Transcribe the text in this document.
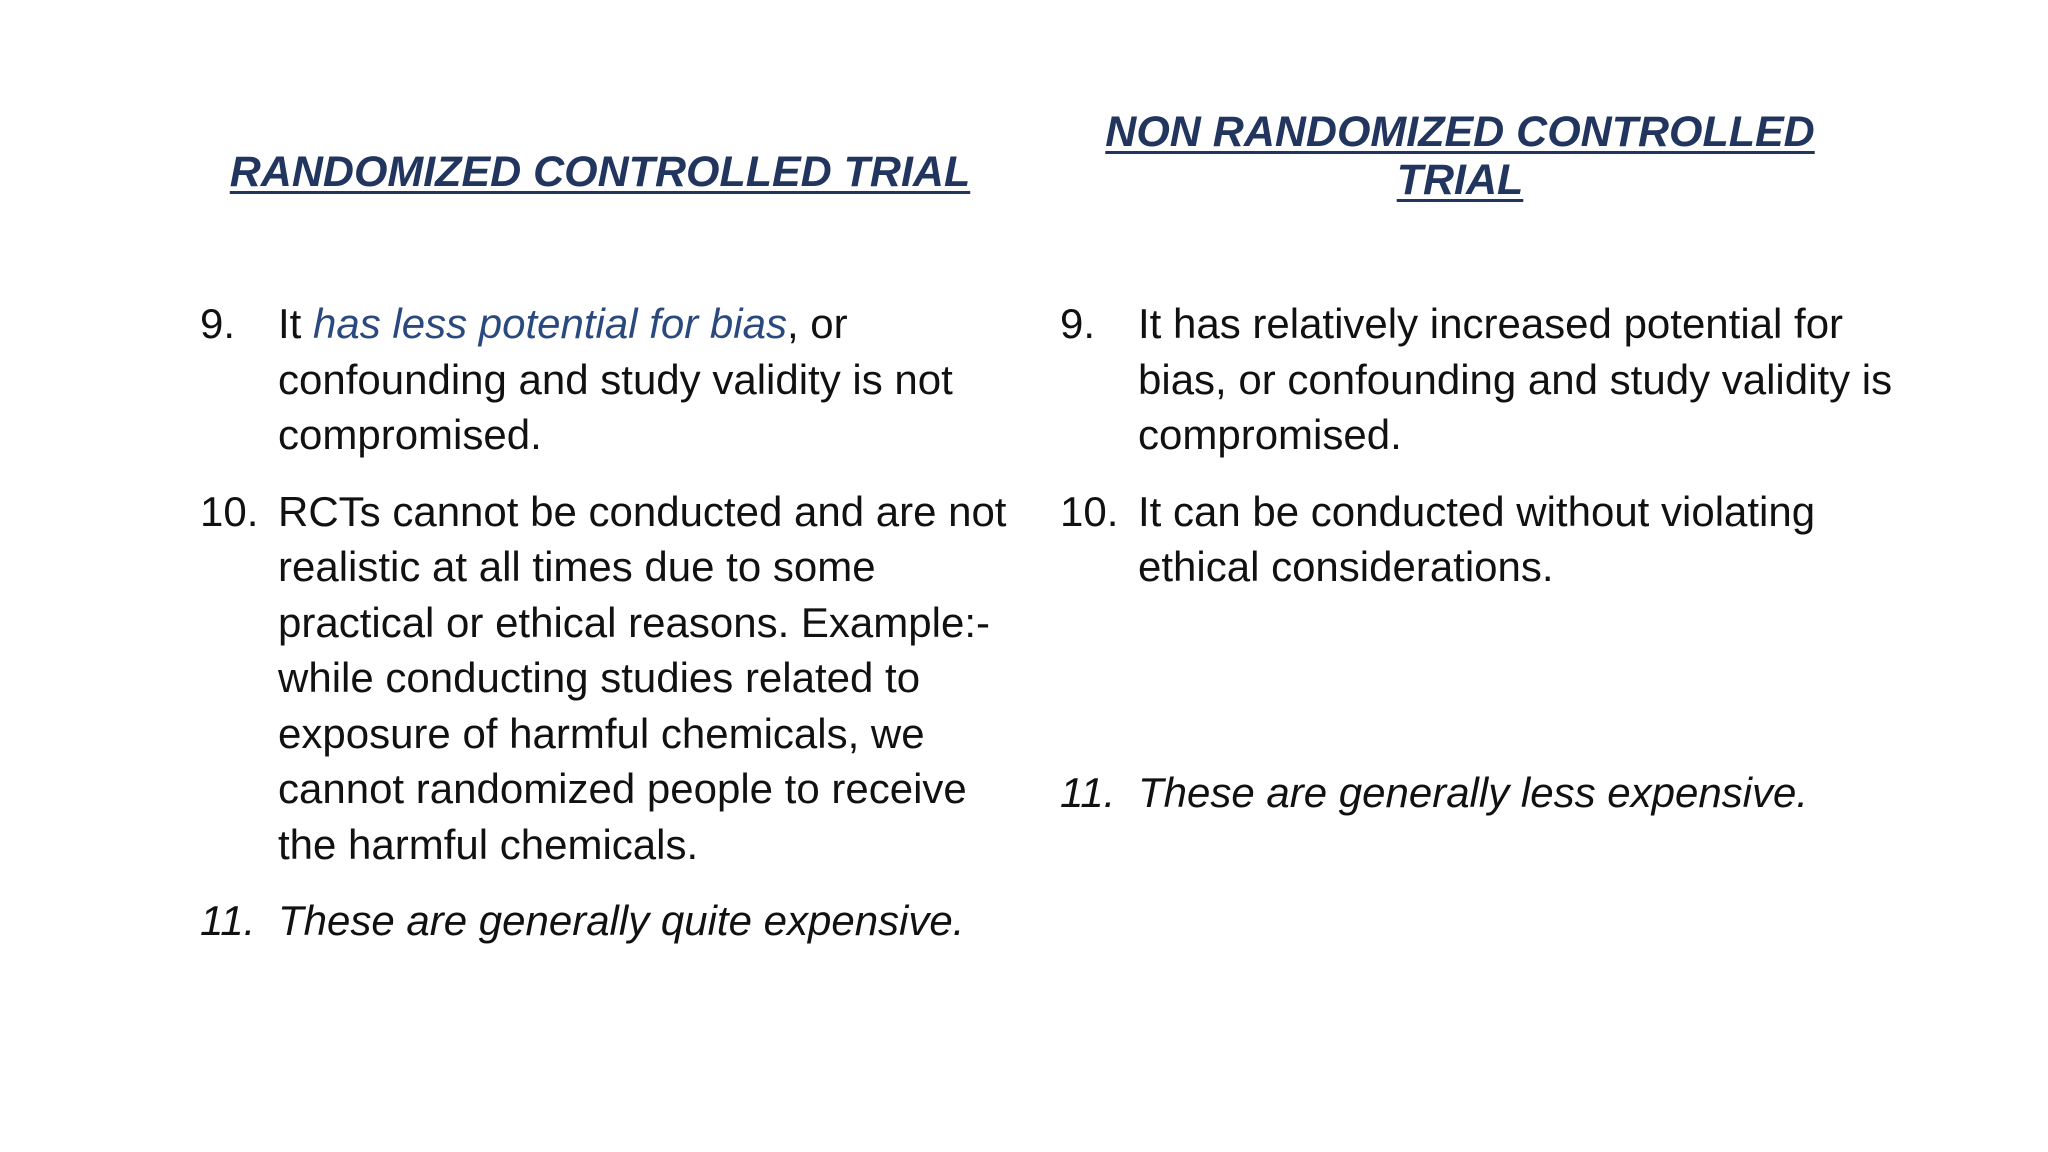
RANDOMIZED CONTROLLED TRIAL
NON RANDOMIZED CONTROLLED TRIAL
9. It has less potential for bias, or confounding and study validity is not compromised.
10. RCTs cannot be conducted and are not realistic at all times due to some practical or ethical reasons. Example:- while conducting studies related to exposure of harmful chemicals, we cannot randomized people to receive the harmful chemicals.
11. These are generally quite expensive.
9. It has relatively increased potential for bias, or confounding and study validity is compromised.
10. It can be conducted without violating ethical considerations.
11. These are generally less expensive.
